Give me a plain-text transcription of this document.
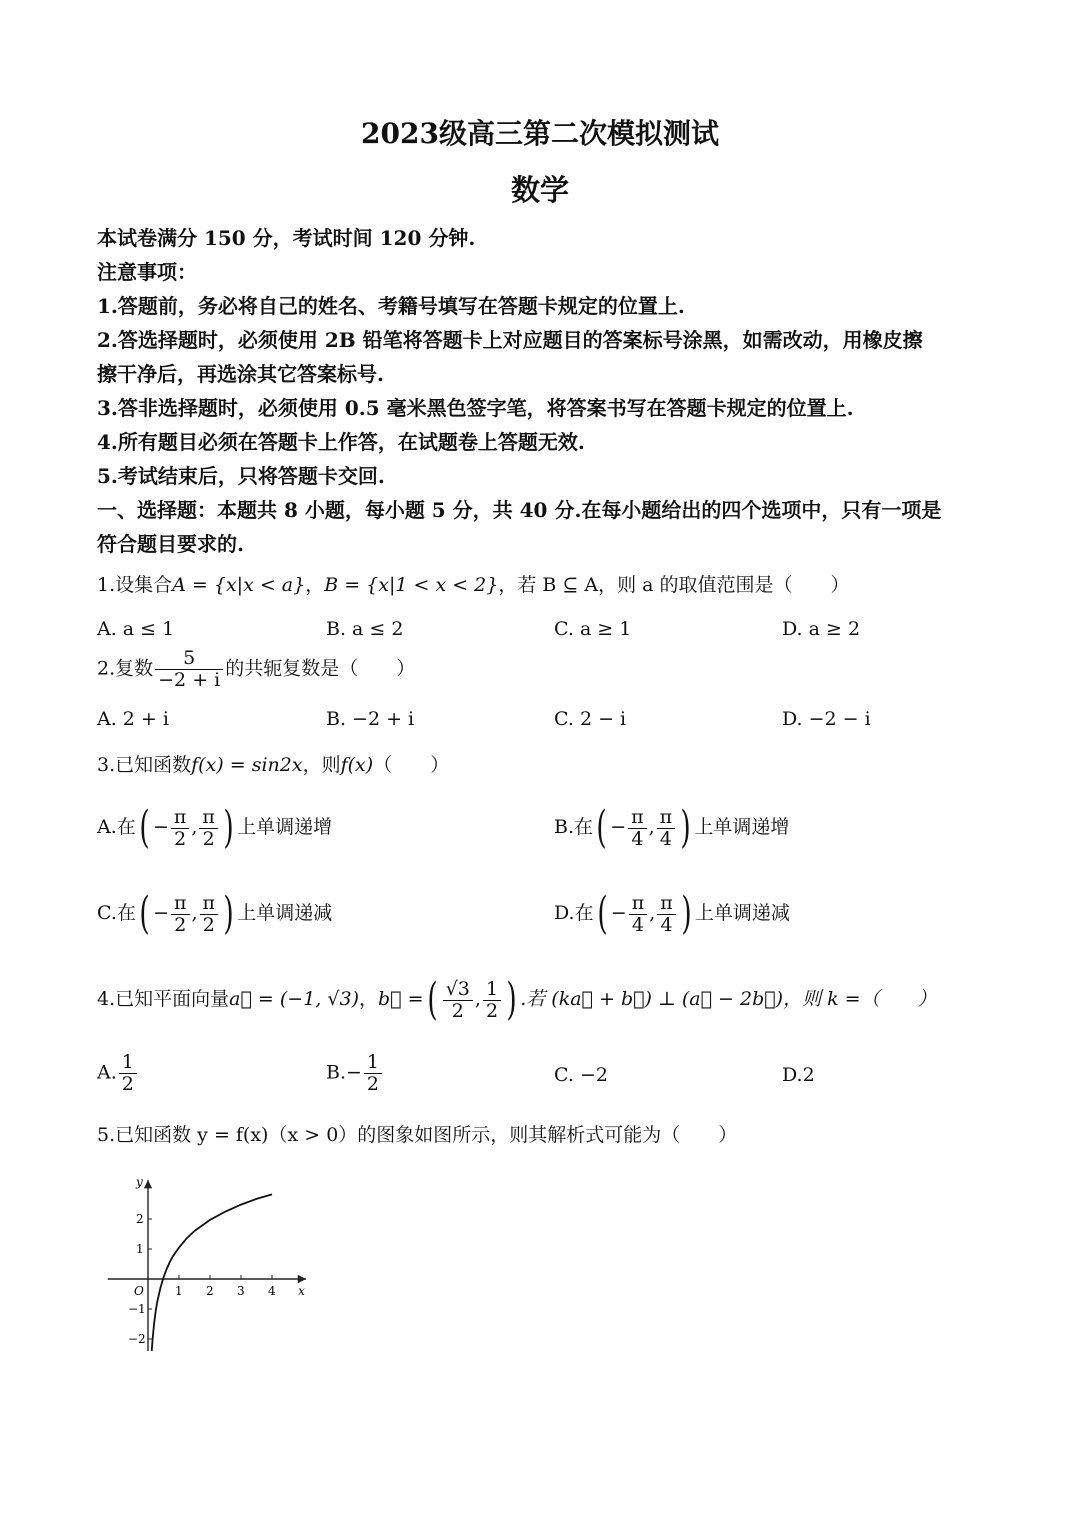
2023级高三第二次模拟测试
数学
本试卷满分 150 分，考试时间 120 分钟.
注意事项：
1.答题前，务必将自己的姓名、考籍号填写在答题卡规定的位置上.
2.答选择题时，必须使用 2B 铅笔将答题卡上对应题目的答案标号涂黑，如需改动，用橡皮擦
擦干净后，再选涂其它答案标号.
3.答非选择题时，必须使用 0.5 毫米黑色签字笔，将答案书写在答题卡规定的位置上.
4.所有题目必须在答题卡上作答，在试题卷上答题无效.
5.考试结束后，只将答题卡交回.
一、选择题：本题共 8 小题，每小题 5 分，共 40 分.在每小题给出的四个选项中，只有一项是
符合题目要求的.
1.设集合A = {x|x < a}，B = {x|1 < x < 2}，若 B ⊆ A，则 a 的取值范围是（　　）
A. a ≤ 1	B. a ≤ 2	C. a ≥ 1	D. a ≥ 2
2.复数 $\frac{5}{-2 + i}$ 的共轭复数是（　　）
A. 2 + i	B. −2 + i	C. 2 − i	D. −2 − i
3.已知函数f(x) = sin2x，则f(x)（　　）
A.在( − $\frac{\pi}{2}$ , $\frac{\pi}{2}$ ) 上单调递增	B.在( − $\frac{\pi}{4}$ , $\frac{\pi}{4}$ ) 上单调递增
C.在( − $\frac{\pi}{2}$ , $\frac{\pi}{2}$ ) 上单调递减	D.在( − $\frac{\pi}{4}$ , $\frac{\pi}{4}$ ) 上单调递减
4.已知平面向量a⃗ = (−1, √3)，b⃗ =( $\frac{√3}{2}$ , $\frac{1}{2}$ ) .若 (ka⃗ + b⃗) ⊥ (a⃗ − 2b⃗)，则 k =（　　）
A. $\frac{1}{2}$	$B.- \frac{1}{2}$	C. −2	D.2
5.已知函数 y = f(x)（x > 0）的图象如图所示，则其解析式可能为（　　）
1 2 3 4
2
1
−1
−2
x
y
O
